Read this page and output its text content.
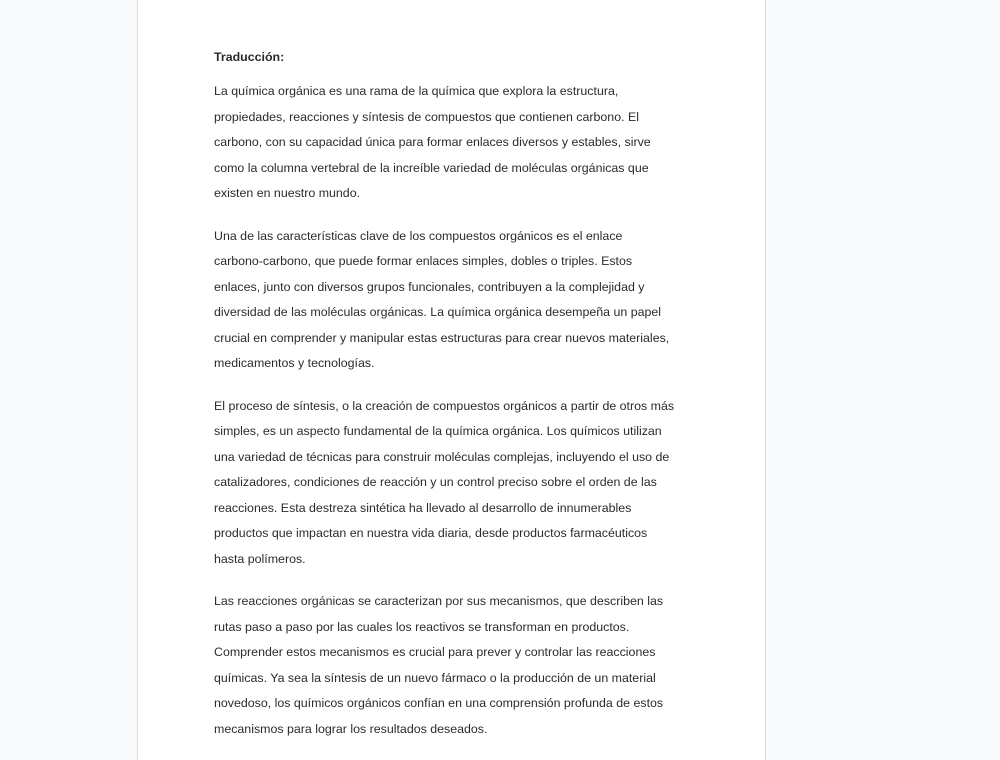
Traducción:
La química orgánica es una rama de la química que explora la estructura,
propiedades, reacciones y síntesis de compuestos que contienen carbono. El
carbono, con su capacidad única para formar enlaces diversos y estables, sirve
como la columna vertebral de la increíble variedad de moléculas orgánicas que
existen en nuestro mundo.
Una de las características clave de los compuestos orgánicos es el enlace
carbono-carbono, que puede formar enlaces simples, dobles o triples. Estos
enlaces, junto con diversos grupos funcionales, contribuyen a la complejidad y
diversidad de las moléculas orgánicas. La química orgánica desempeña un papel
crucial en comprender y manipular estas estructuras para crear nuevos materiales,
medicamentos y tecnologías.
El proceso de síntesis, o la creación de compuestos orgánicos a partir de otros más
simples, es un aspecto fundamental de la química orgánica. Los químicos utilizan
una variedad de técnicas para construir moléculas complejas, incluyendo el uso de
catalizadores, condiciones de reacción y un control preciso sobre el orden de las
reacciones. Esta destreza sintética ha llevado al desarrollo de innumerables
productos que impactan en nuestra vida diaria, desde productos farmacéuticos
hasta polímeros.
Las reacciones orgánicas se caracterizan por sus mecanismos, que describen las
rutas paso a paso por las cuales los reactivos se transforman en productos.
Comprender estos mecanismos es crucial para prever y controlar las reacciones
químicas. Ya sea la síntesis de un nuevo fármaco o la producción de un material
novedoso, los químicos orgánicos confían en una comprensión profunda de estos
mecanismos para lograr los resultados deseados.
